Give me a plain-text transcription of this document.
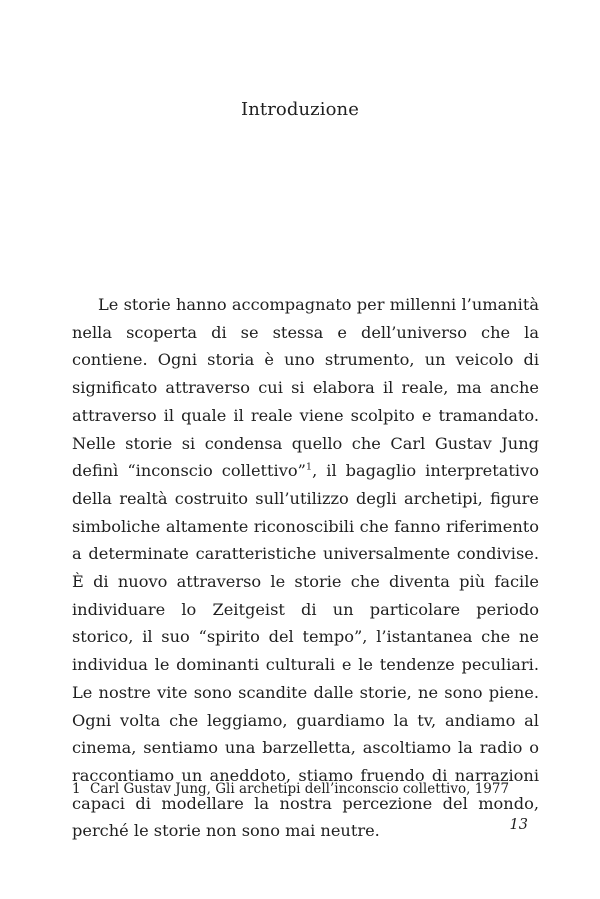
Introduzione

Le storie hanno accompagnato per millenni l’umanità nella scoperta di se stessa e dell’universo che la contiene. Ogni storia è uno strumento, un veicolo di significato attraverso cui si elabora il reale, ma anche attraverso il quale il reale viene scolpito e tramandato. Nelle storie si condensa quello che Carl Gustav Jung definì “inconscio collettivo”$^1$, il bagaglio interpretativo della realtà costruito sull’utilizzo degli archetipi, figure simboliche altamente riconoscibili che fanno riferimento a determinate caratteristiche universalmente condivise. È di nuovo attraverso le storie che diventa più facile individuare lo Zeitgeist di un particolare periodo storico, il suo “spirito del tempo”, l’istantanea che ne individua le dominanti culturali e le tendenze peculiari. Le nostre vite sono scandite dalle storie, ne sono piene. Ogni volta che leggiamo, guardiamo la tv, andiamo al cinema, sentiamo una barzelletta, ascoltiamo la radio o raccontiamo un aneddoto, stiamo fruendo di narrazioni capaci di modellare la nostra percezione del mondo, perché le storie non sono mai neutre.

1 Carl Gustav Jung, Gli archetipi dell’inconscio collettivo, 1977
13
